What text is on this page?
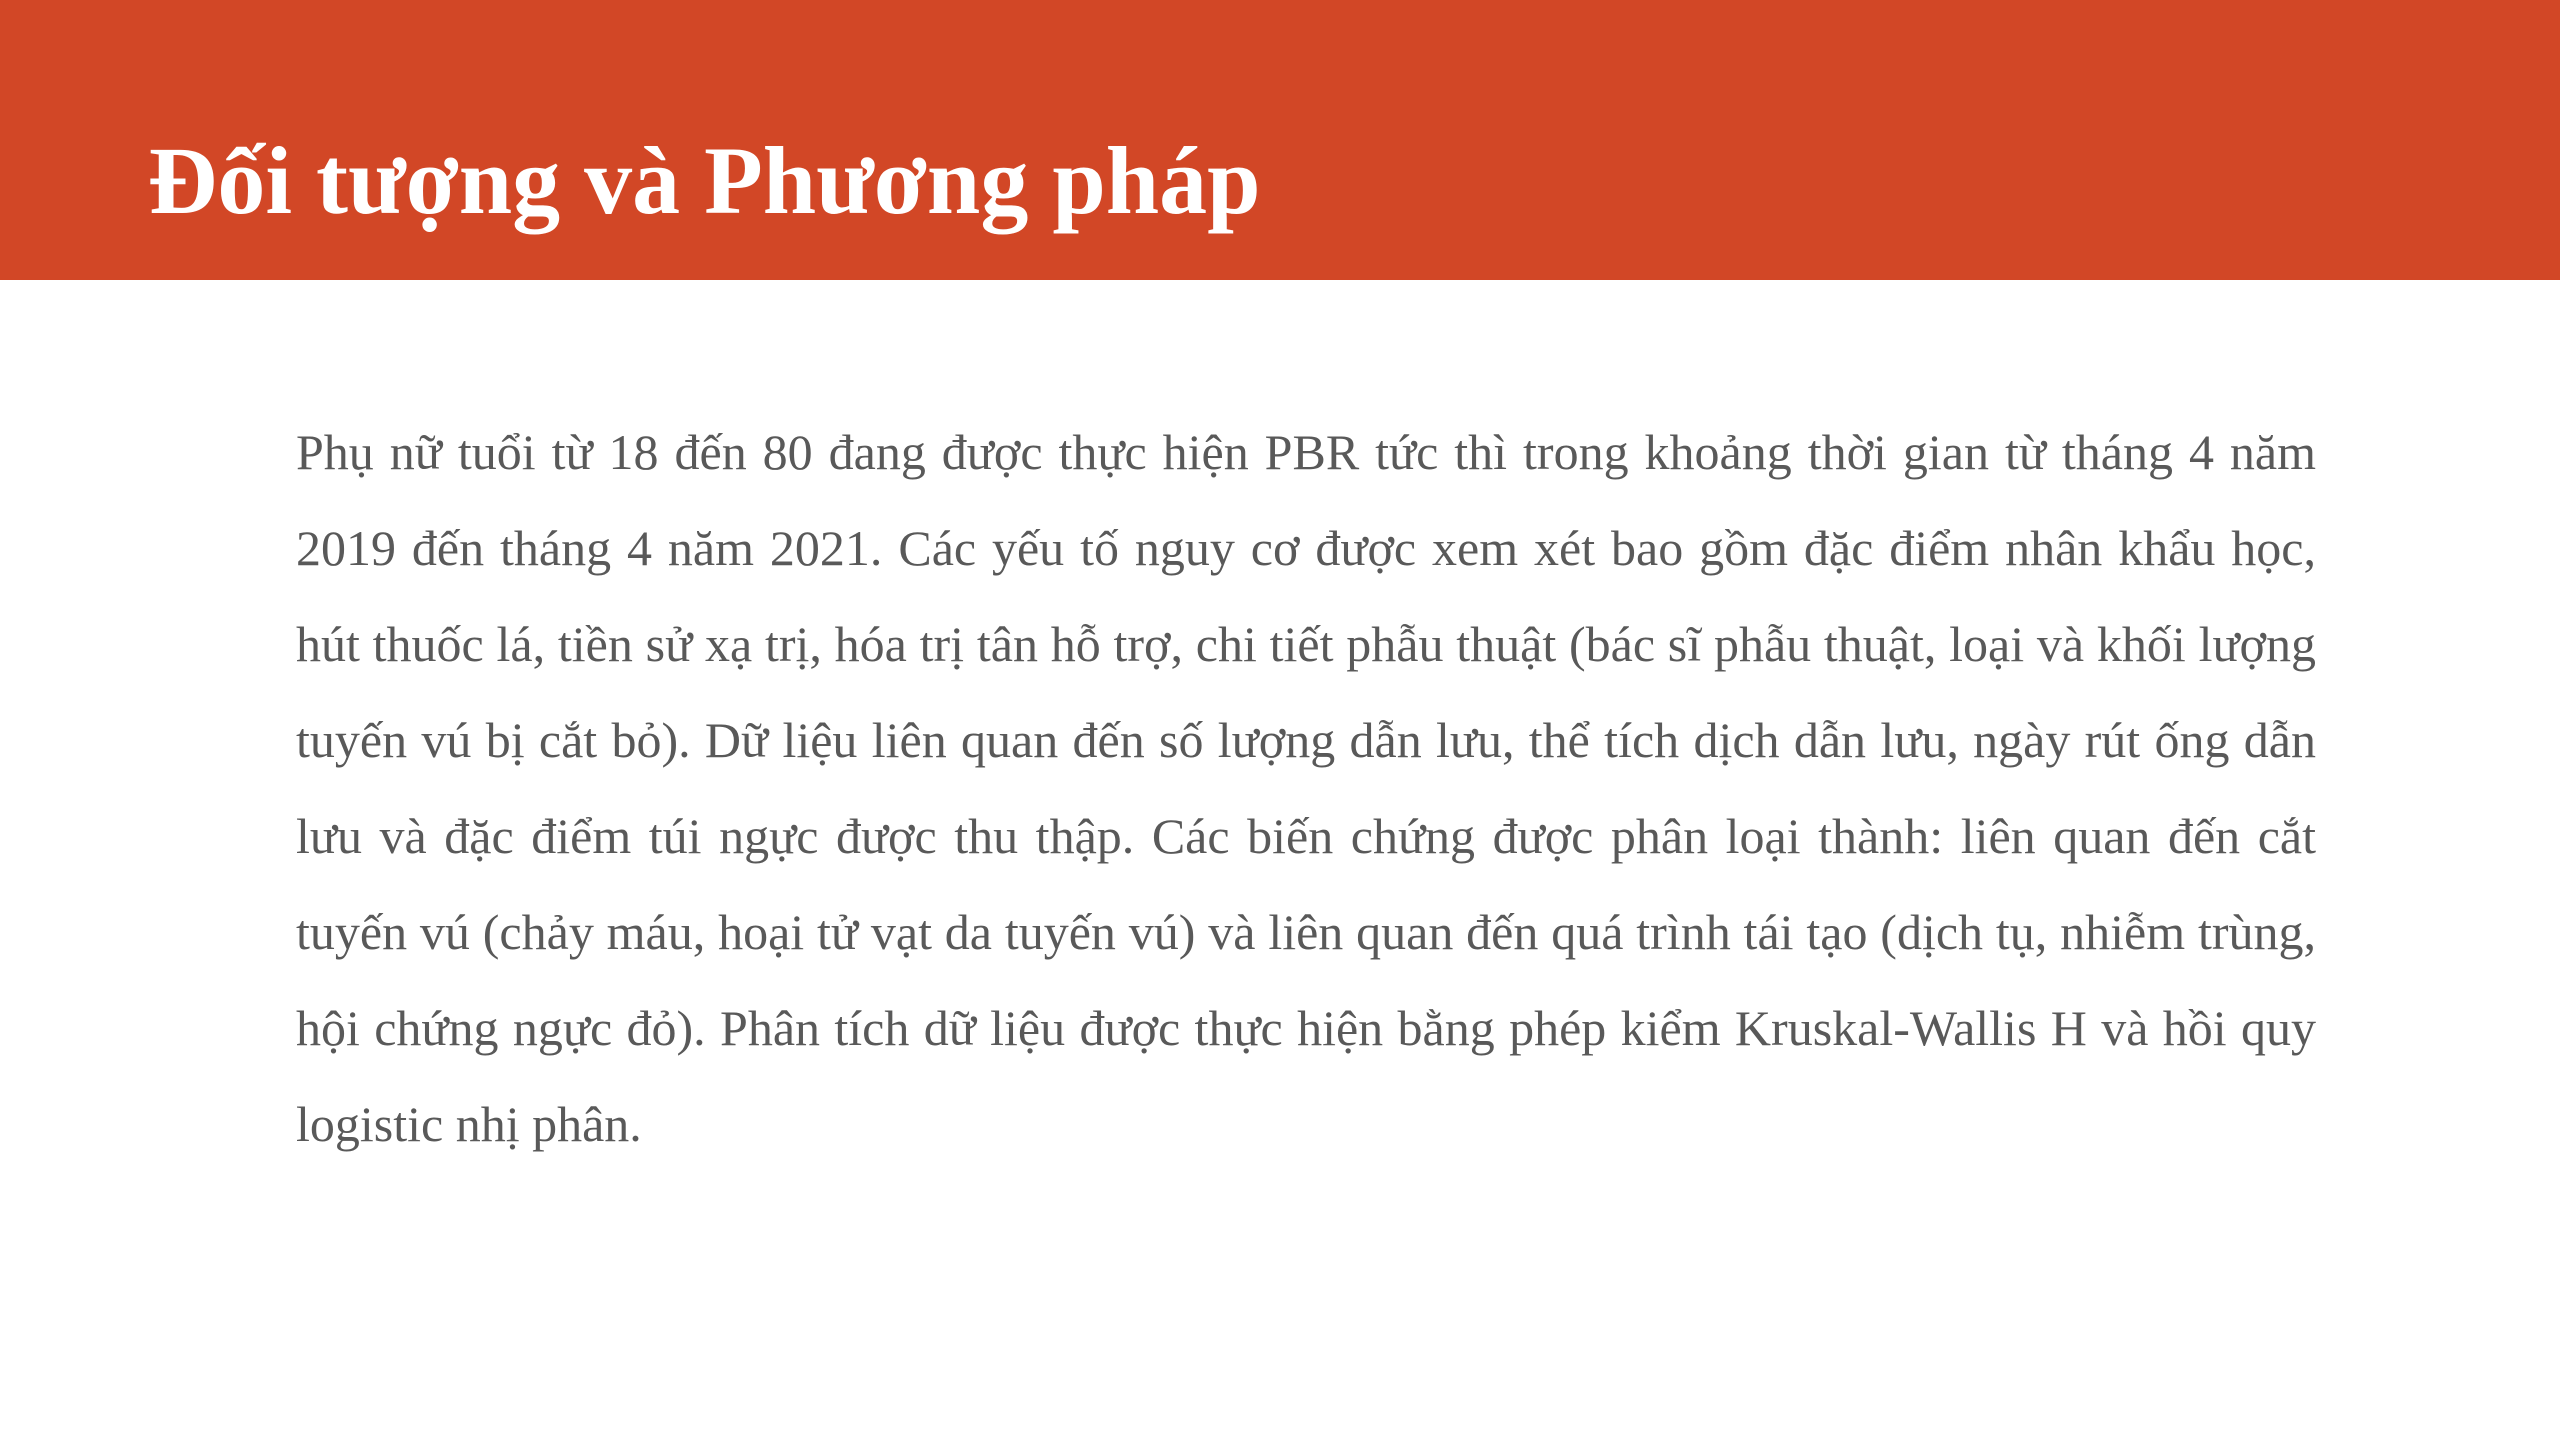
Đối tượng và Phương pháp

Phụ nữ tuổi từ 18 đến 80 đang được thực hiện PBR tức thì trong khoảng thời gian từ tháng 4 năm 2019 đến tháng 4 năm 2021. Các yếu tố nguy cơ được xem xét bao gồm đặc điểm nhân khẩu học, hút thuốc lá, tiền sử xạ trị, hóa trị tân hỗ trợ, chi tiết phẫu thuật (bác sĩ phẫu thuật, loại và khối lượng tuyến vú bị cắt bỏ). Dữ liệu liên quan đến số lượng dẫn lưu, thể tích dịch dẫn lưu, ngày rút ống dẫn lưu và đặc điểm túi ngực được thu thập. Các biến chứng được phân loại thành: liên quan đến cắt tuyến vú (chảy máu, hoại tử vạt da tuyến vú) và liên quan đến quá trình tái tạo (dịch tụ, nhiễm trùng, hội chứng ngực đỏ). Phân tích dữ liệu được thực hiện bằng phép kiểm Kruskal-Wallis H và hồi quy logistic nhị phân.
